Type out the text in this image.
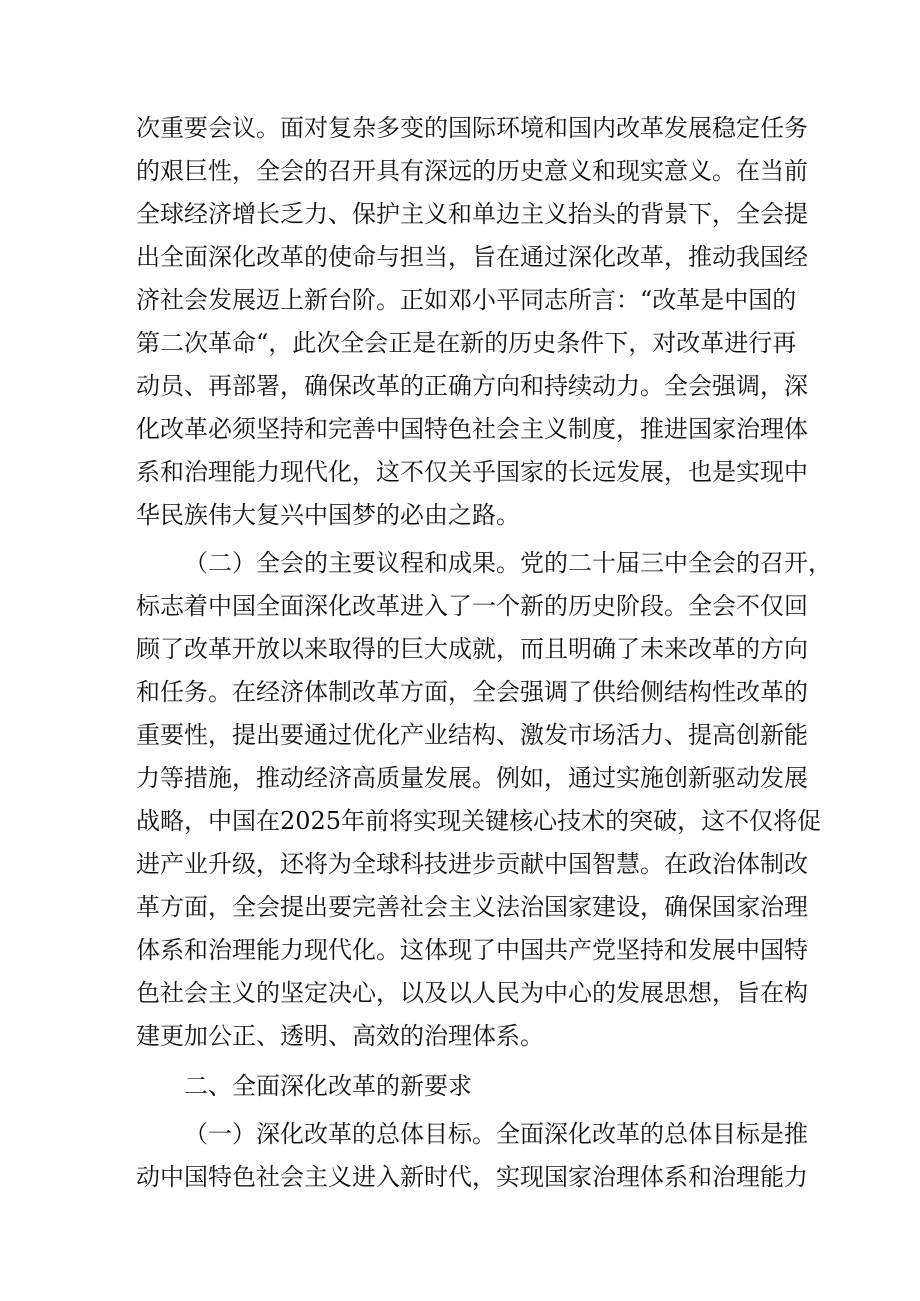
次重要会议。面对复杂多变的国际环境和国内改革发展稳定任务
的艰巨性，全会的召开具有深远的历史意义和现实意义。在当前
全球经济增长乏力、保护主义和单边主义抬头的背景下，全会提
出全面深化改革的使命与担当，旨在通过深化改革，推动我国经
济社会发展迈上新台阶。正如邓小平同志所言：“改革是中国的
第二次革命“，此次全会正是在新的历史条件下，对改革进行再
动员、再部署，确保改革的正确方向和持续动力。全会强调，深
化改革必须坚持和完善中国特色社会主义制度，推进国家治理体
系和治理能力现代化，这不仅关乎国家的长远发展，也是实现中
华民族伟大复兴中国梦的必由之路。
（二）全会的主要议程和成果。党的二十届三中全会的召开，
标志着中国全面深化改革进入了一个新的历史阶段。全会不仅回
顾了改革开放以来取得的巨大成就，而且明确了未来改革的方向
和任务。在经济体制改革方面，全会强调了供给侧结构性改革的
重要性，提出要通过优化产业结构、激发市场活力、提高创新能
力等措施，推动经济高质量发展。例如，通过实施创新驱动发展
战略，中国在2025年前将实现关键核心技术的突破，这不仅将促
进产业升级，还将为全球科技进步贡献中国智慧。在政治体制改
革方面，全会提出要完善社会主义法治国家建设，确保国家治理
体系和治理能力现代化。这体现了中国共产党坚持和发展中国特
色社会主义的坚定决心，以及以人民为中心的发展思想，旨在构
建更加公正、透明、高效的治理体系。
二、全面深化改革的新要求
（一）深化改革的总体目标。全面深化改革的总体目标是推
动中国特色社会主义进入新时代，实现国家治理体系和治理能力
